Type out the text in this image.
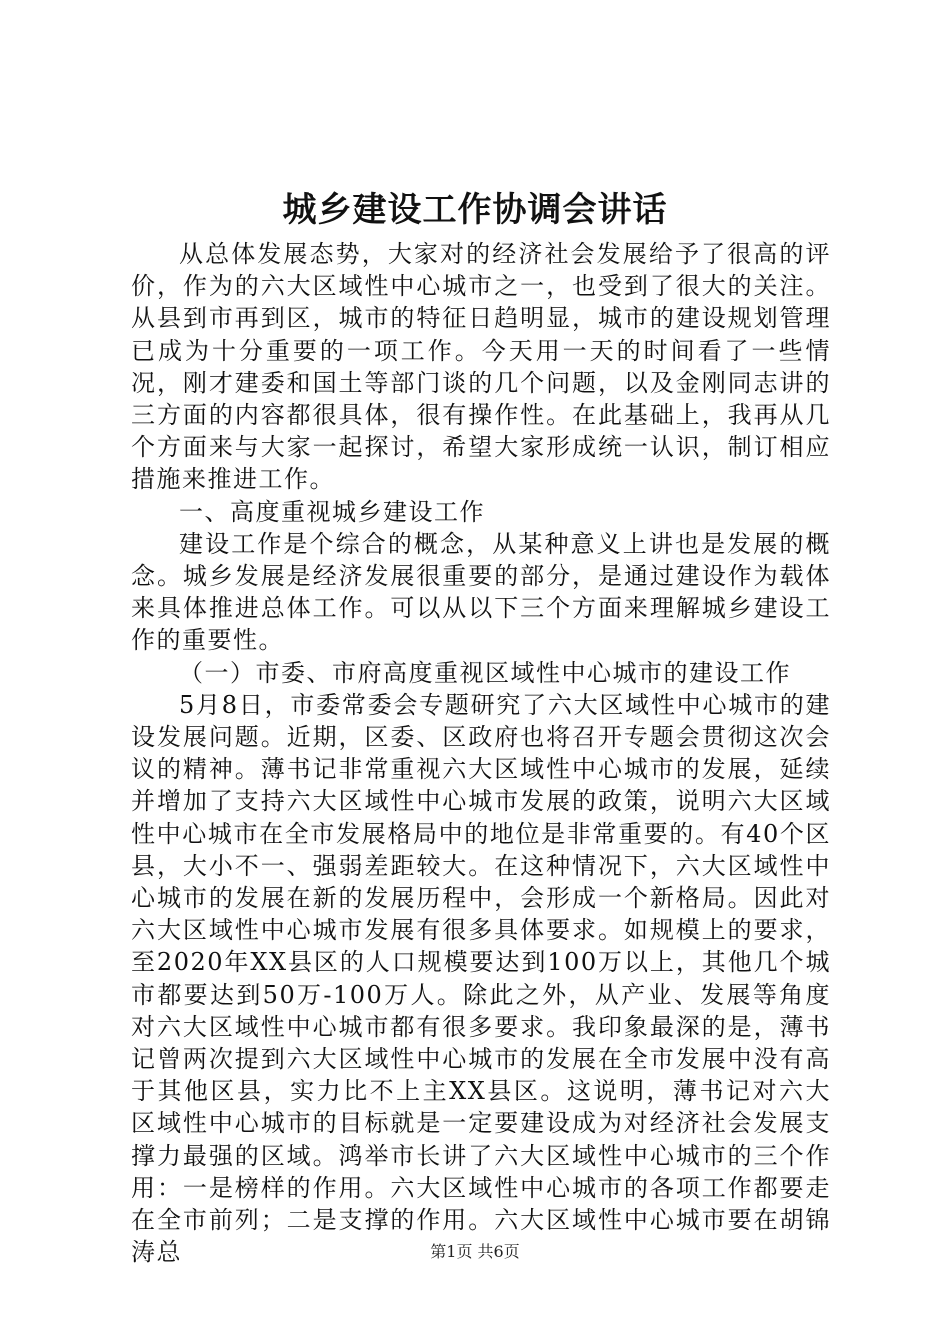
城乡建设工作协调会讲话

从总体发展态势，大家对的经济社会发展给予了很高的评价，作为的六大区域性中心城市之一，也受到了很大的关注。从县到市再到区，城市的特征日趋明显，城市的建设规划管理已成为十分重要的一项工作。今天用一天的时间看了一些情况，刚才建委和国土等部门谈的几个问题，以及金刚同志讲的三方面的内容都很具体，很有操作性。在此基础上，我再从几个方面来与大家一起探讨，希望大家形成统一认识，制订相应措施来推进工作。

一、高度重视城乡建设工作

建设工作是个综合的概念，从某种意义上讲也是发展的概念。城乡发展是经济发展很重要的部分，是通过建设作为载体来具体推进总体工作。可以从以下三个方面来理解城乡建设工作的重要性。

（一）市委、市府高度重视区域性中心城市的建设工作

5月8日，市委常委会专题研究了六大区域性中心城市的建设发展问题。近期，区委、区政府也将召开专题会贯彻这次会议的精神。薄书记非常重视六大区域性中心城市的发展，延续并增加了支持六大区域性中心城市发展的政策，说明六大区域性中心城市在全市发展格局中的地位是非常重要的。有40个区县，大小不一、强弱差距较大。在这种情况下，六大区域性中心城市的发展在新的发展历程中，会形成一个新格局。因此对六大区域性中心城市发展有很多具体要求。如规模上的要求，至2020年XX县区的人口规模要达到100万以上，其他几个城市都要达到50万-100万人。除此之外，从产业、发展等角度对六大区域性中心城市都有很多要求。我印象最深的是，薄书记曾两次提到六大区域性中心城市的发展在全市发展中没有高于其他区县，实力比不上主XX县区。这说明，薄书记对六大区域性中心城市的目标就是一定要建设成为对经济社会发展支撑力最强的区域。鸿举市长讲了六大区域性中心城市的三个作用：一是榜样的作用。六大区域性中心城市的各项工作都要走在全市前列；二是支撑的作用。六大区域性中心城市要在胡锦涛总	第1页 共6页
